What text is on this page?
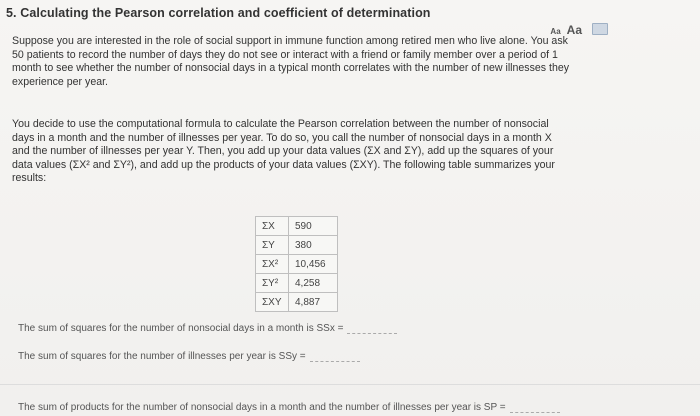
5. Calculating the Pearson correlation and coefficient of determination
Aa Aa
Suppose you are interested in the role of social support in immune function among retired men who live alone. You ask 50 patients to record the number of days they do not see or interact with a friend or family member over a period of 1 month to see whether the number of nonsocial days in a typical month correlates with the number of new illnesses they experience per year.
You decide to use the computational formula to calculate the Pearson correlation between the number of nonsocial days in a month and the number of illnesses per year. To do so, you call the number of nonsocial days in a month X and the number of illnesses per year Y. Then, you add up your data values (ΣX and ΣY), add up the squares of your data values (ΣX² and ΣY²), and add up the products of your data values (ΣXY). The following table summarizes your results:
ΣX	590
ΣY	380
ΣX²	10,456
ΣY²	4,258
ΣXY	4,887
The sum of squares for the number of nonsocial days in a month is SSx =
The sum of squares for the number of illnesses per year is SSy =
The sum of products for the number of nonsocial days in a month and the number of illnesses per year is SP =
